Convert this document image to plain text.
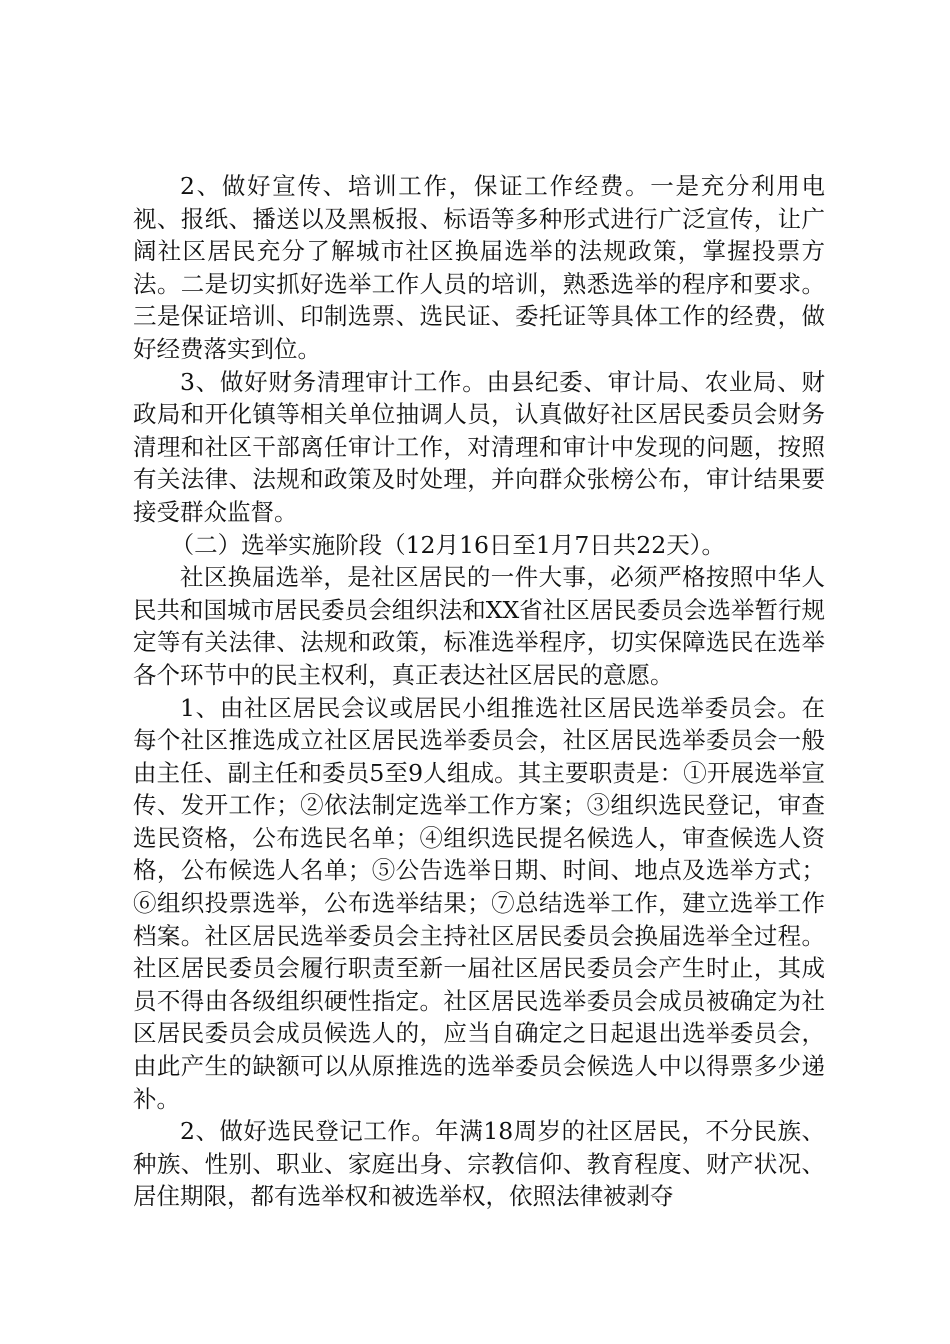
2、做好宣传、培训工作，保证工作经费。一是充分利用电视、报纸、播送以及黑板报、标语等多种形式进行广泛宣传，让广阔社区居民充分了解城市社区换届选举的法规政策，掌握投票方法。二是切实抓好选举工作人员的培训，熟悉选举的程序和要求。三是保证培训、印制选票、选民证、委托证等具体工作的经费，做好经费落实到位。

3、做好财务清理审计工作。由县纪委、审计局、农业局、财政局和开化镇等相关单位抽调人员，认真做好社区居民委员会财务清理和社区干部离任审计工作，对清理和审计中发现的问题，按照有关法律、法规和政策及时处理，并向群众张榜公布，审计结果要接受群众监督。

（二）选举实施阶段（12月16日至1月7日共22天）。

社区换届选举，是社区居民的一件大事，必须严格按照中华人民共和国城市居民委员会组织法和XX省社区居民委员会选举暂行规定等有关法律、法规和政策，标准选举程序，切实保障选民在选举各个环节中的民主权利，真正表达社区居民的意愿。

1、由社区居民会议或居民小组推选社区居民选举委员会。在每个社区推选成立社区居民选举委员会，社区居民选举委员会一般由主任、副主任和委员5至9人组成。其主要职责是：①开展选举宣传、发开工作；②依法制定选举工作方案；③组织选民登记，审查选民资格，公布选民名单；④组织选民提名候选人，审查候选人资格，公布候选人名单；⑤公告选举日期、时间、地点及选举方式；⑥组织投票选举，公布选举结果；⑦总结选举工作，建立选举工作档案。社区居民选举委员会主持社区居民委员会换届选举全过程。社区居民委员会履行职责至新一届社区居民委员会产生时止，其成员不得由各级组织硬性指定。社区居民选举委员会成员被确定为社区居民委员会成员候选人的，应当自确定之日起退出选举委员会，由此产生的缺额可以从原推选的选举委员会候选人中以得票多少递补。

2、做好选民登记工作。年满18周岁的社区居民，不分民族、种族、性别、职业、家庭出身、宗教信仰、教育程度、财产状况、居住期限，都有选举权和被选举权，依照法律被剥夺
